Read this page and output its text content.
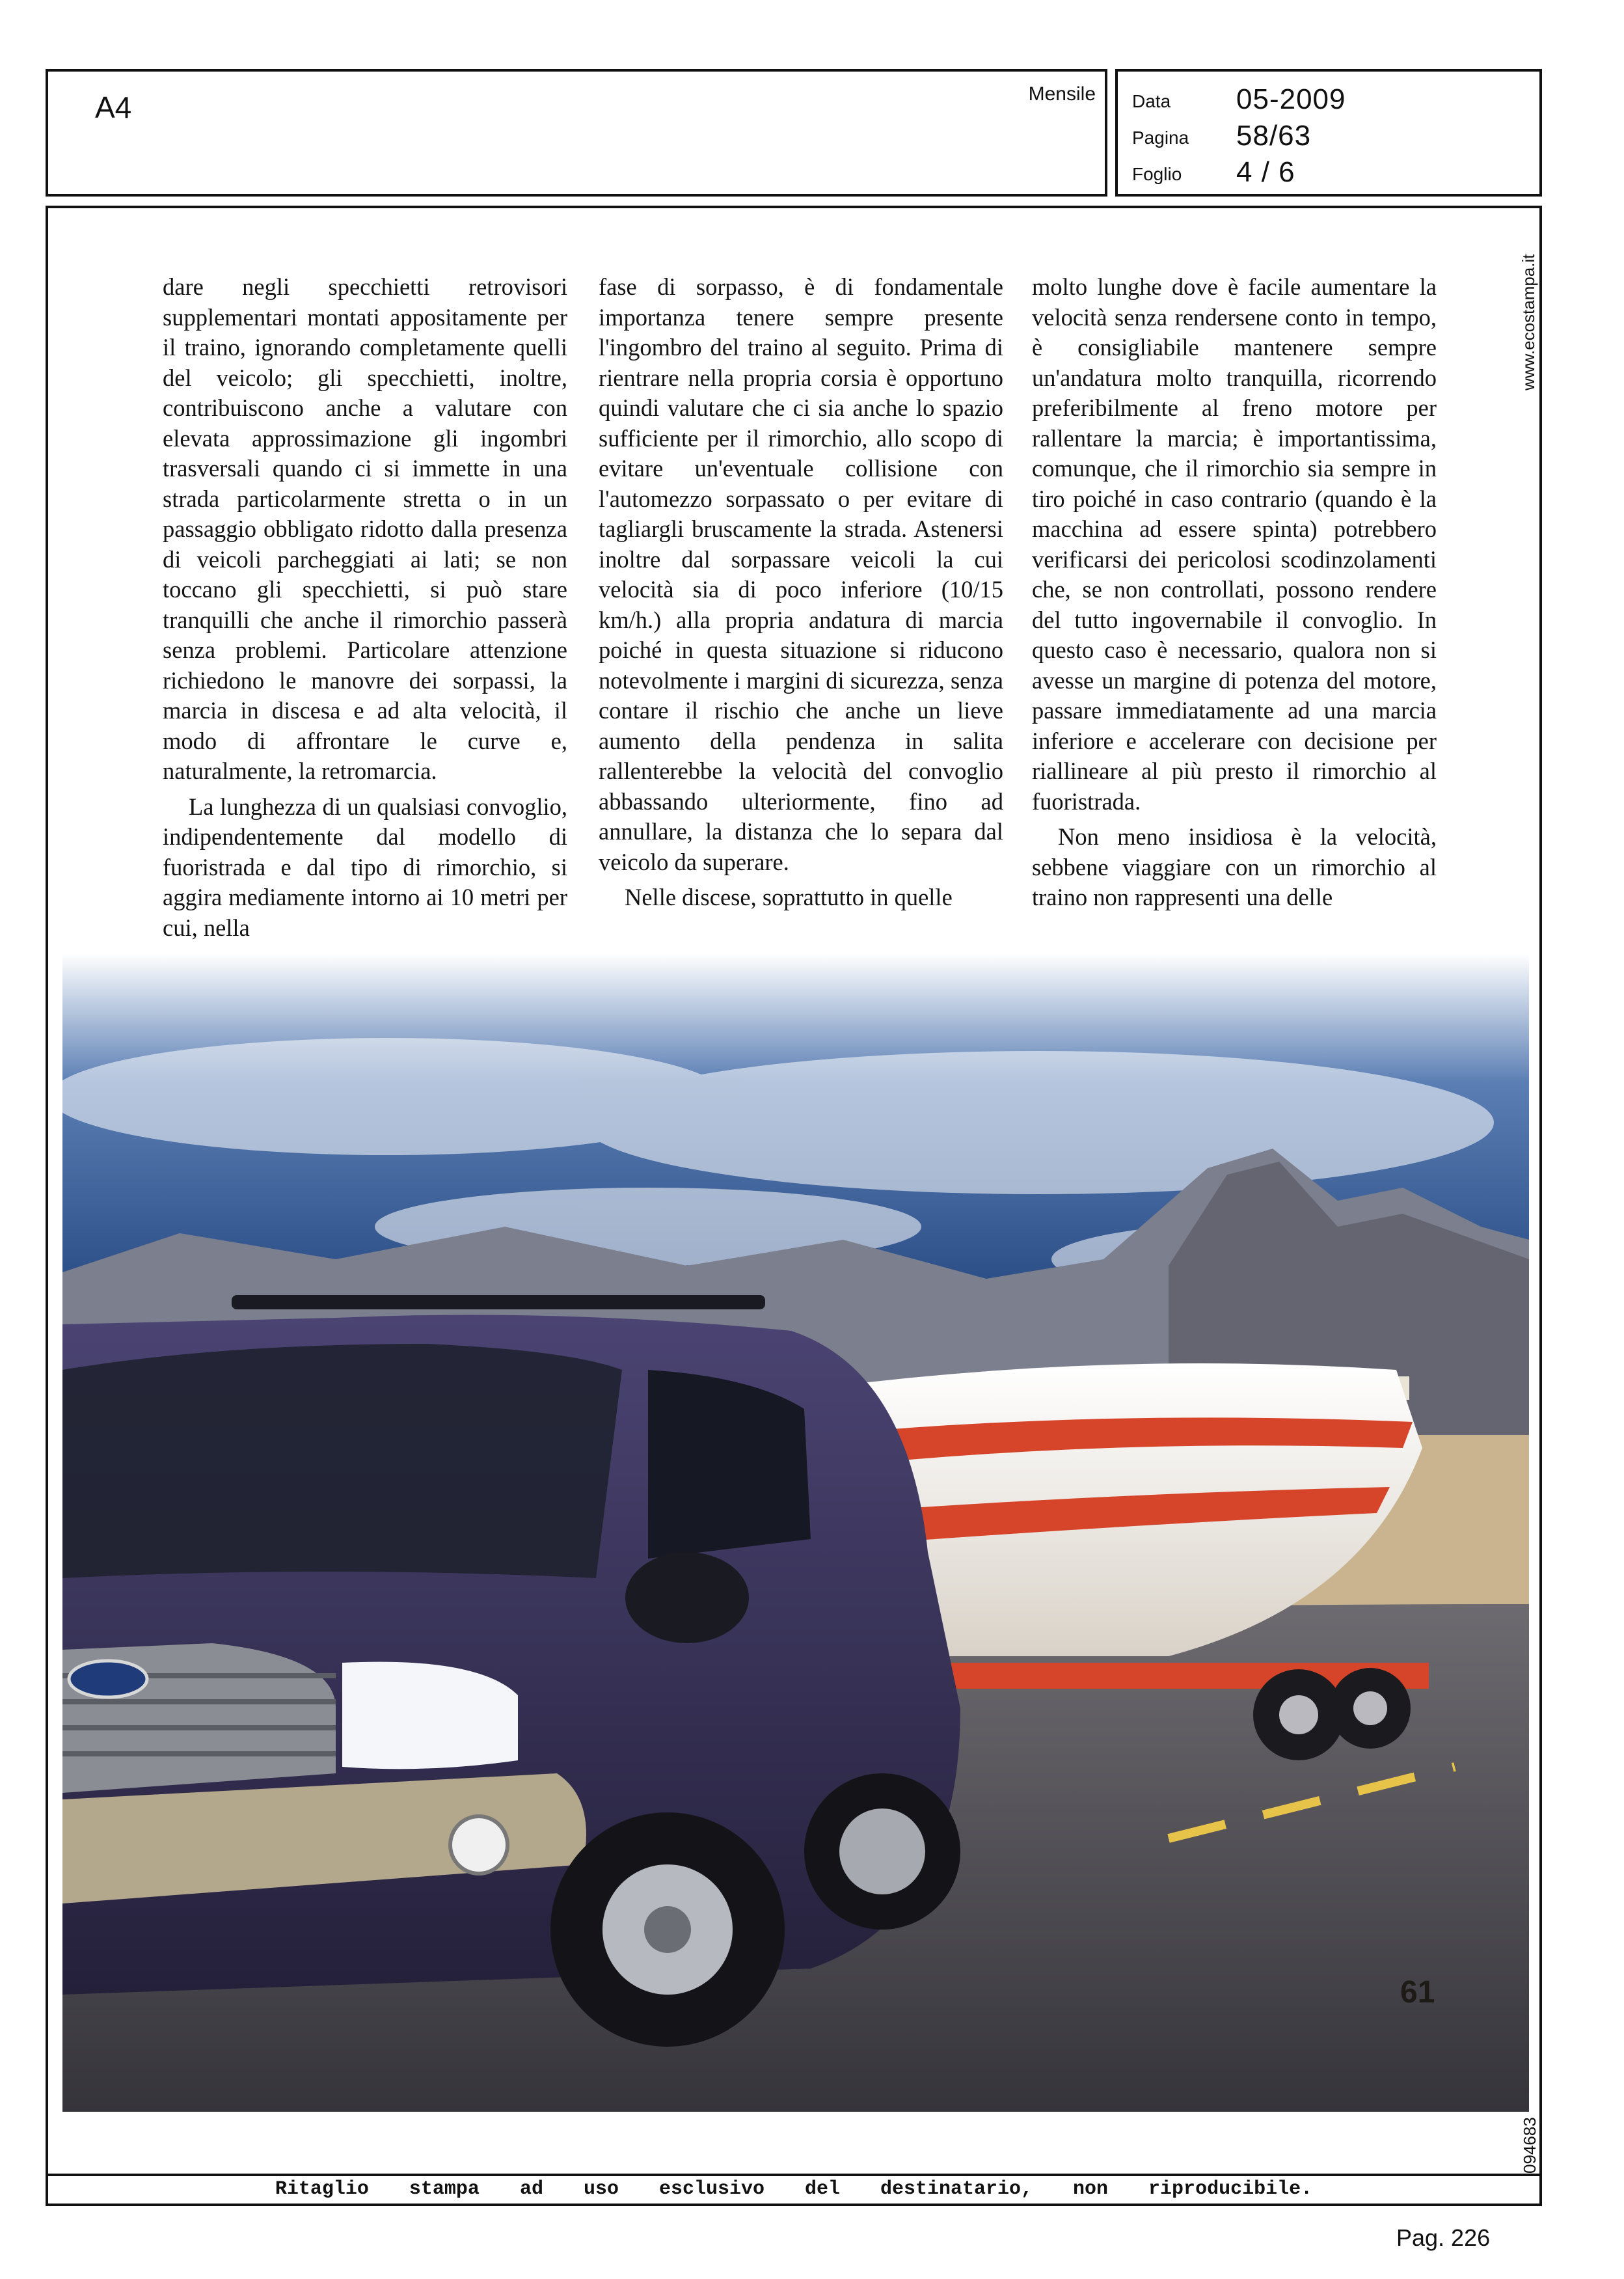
A4	Mensile Data 05-2009
Pagina 58/63
Foglio 4 / 6
www.ecostampa.it
094683

dare negli specchietti retrovisori supplementari montati appositamente per il traino, ignorando completamente quelli del veicolo; gli specchietti, inoltre, contribuiscono anche a valutare con elevata approssimazione gli ingombri trasversali quando ci si immette in una strada particolarmente stretta o in un passaggio obbligato ridotto dalla presenza di veicoli parcheggiati ai lati; se non toccano gli specchietti, si può stare tranquilli che anche il rimorchio passerà senza problemi. Particolare attenzione richiedono le manovre dei sorpassi, la marcia in discesa e ad alta velocità, il modo di affrontare le curve e, naturalmente, la retromarcia.

La lunghezza di un qualsiasi convoglio, indipendentemente dal modello di fuoristrada e dal tipo di rimorchio, si aggira mediamente intorno ai 10 metri per cui, nella

fase di sorpasso, è di fondamentale importanza tenere sempre presente l'ingombro del traino al seguito. Prima di rientrare nella propria corsia è opportuno quindi valutare che ci sia anche lo spazio sufficiente per il rimorchio, allo scopo di evitare un'eventuale collisione con l'automezzo sorpassato o per evitare di tagliargli bruscamente la strada. Astenersi inoltre dal sorpassare veicoli la cui velocità sia di poco inferiore (10/15 km/h.) alla propria andatura di marcia poiché in questa situazione si riducono notevolmente i margini di sicurezza, senza contare il rischio che anche un lieve aumento della pendenza in salita rallenterebbe la velocità del convoglio abbassando ulteriormente, fino ad annullare, la distanza che lo separa dal veicolo da superare.

Nelle discese, soprattutto in quelle

molto lunghe dove è facile aumentare la velocità senza rendersene conto in tempo, è consigliabile mantenere sempre un'andatura molto tranquilla, ricorrendo preferibilmente al freno motore per rallentare la marcia; è importantissima, comunque, che il rimorchio sia sempre in tiro poiché in caso contrario (quando è la macchina ad essere spinta) potrebbero verificarsi dei pericolosi scodinzolamenti che, se non controllati, possono rendere del tutto ingovernabile il convoglio. In questo caso è necessario, qualora non si avesse un margine di potenza del motore, passare immediatamente ad una marcia inferiore e accelerare con decisione per riallineare al più presto il rimorchio al fuoristrada.

Non meno insidiosa è la velocità, sebbene viaggiare con un rimorchio al traino non rappresenti una delle

61
Ritaglio stampa ad uso esclusivo del destinatario, non riproducibile.
Pag. 226
